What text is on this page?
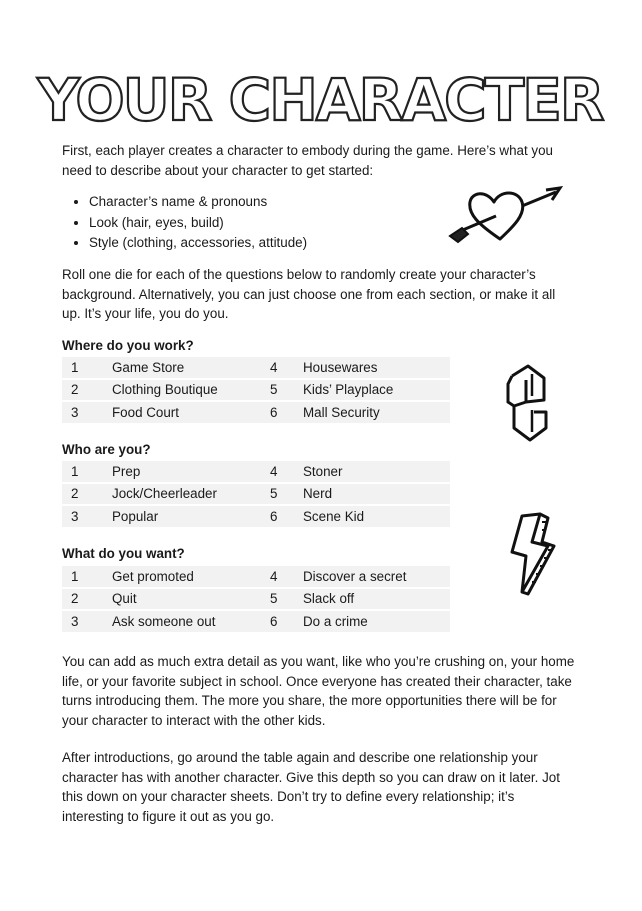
YOUR CHARACTER

First, each player creates a character to embody during the game. Here’s what you need to describe about your character to get started:

• Character’s name & pronouns
• Look (hair, eyes, build)
• Style (clothing, accessories, attitude)

Roll one die for each of the questions below to randomly create your character’s background. Alternatively, you can just choose one from each section, or make it all up. It’s your life, you do you.

Where do you work?
1	Game Store	4	Housewares
2	Clothing Boutique	5	Kids’ Playplace
3	Food Court	6	Mall Security
Who are you?
1	Prep	4	Stoner
2	Jock/Cheerleader	5	Nerd
3	Popular	6	Scene Kid
What do you want?
1	Get promoted	4	Discover a secret
2	Quit	5	Slack off
3	Ask someone out	6	Do a crime

You can add as much extra detail as you want, like who you’re crushing on, your home life, or your favorite subject in school. Once everyone has created their character, take turns introducing them. The more you share, the more opportunities there will be for your character to interact with the other kids.

After introductions, go around the table again and describe one relationship your character has with another character. Give this depth so you can draw on it later. Jot this down on your character sheets. Don’t try to define every relationship; it’s interesting to figure it out as you go.
